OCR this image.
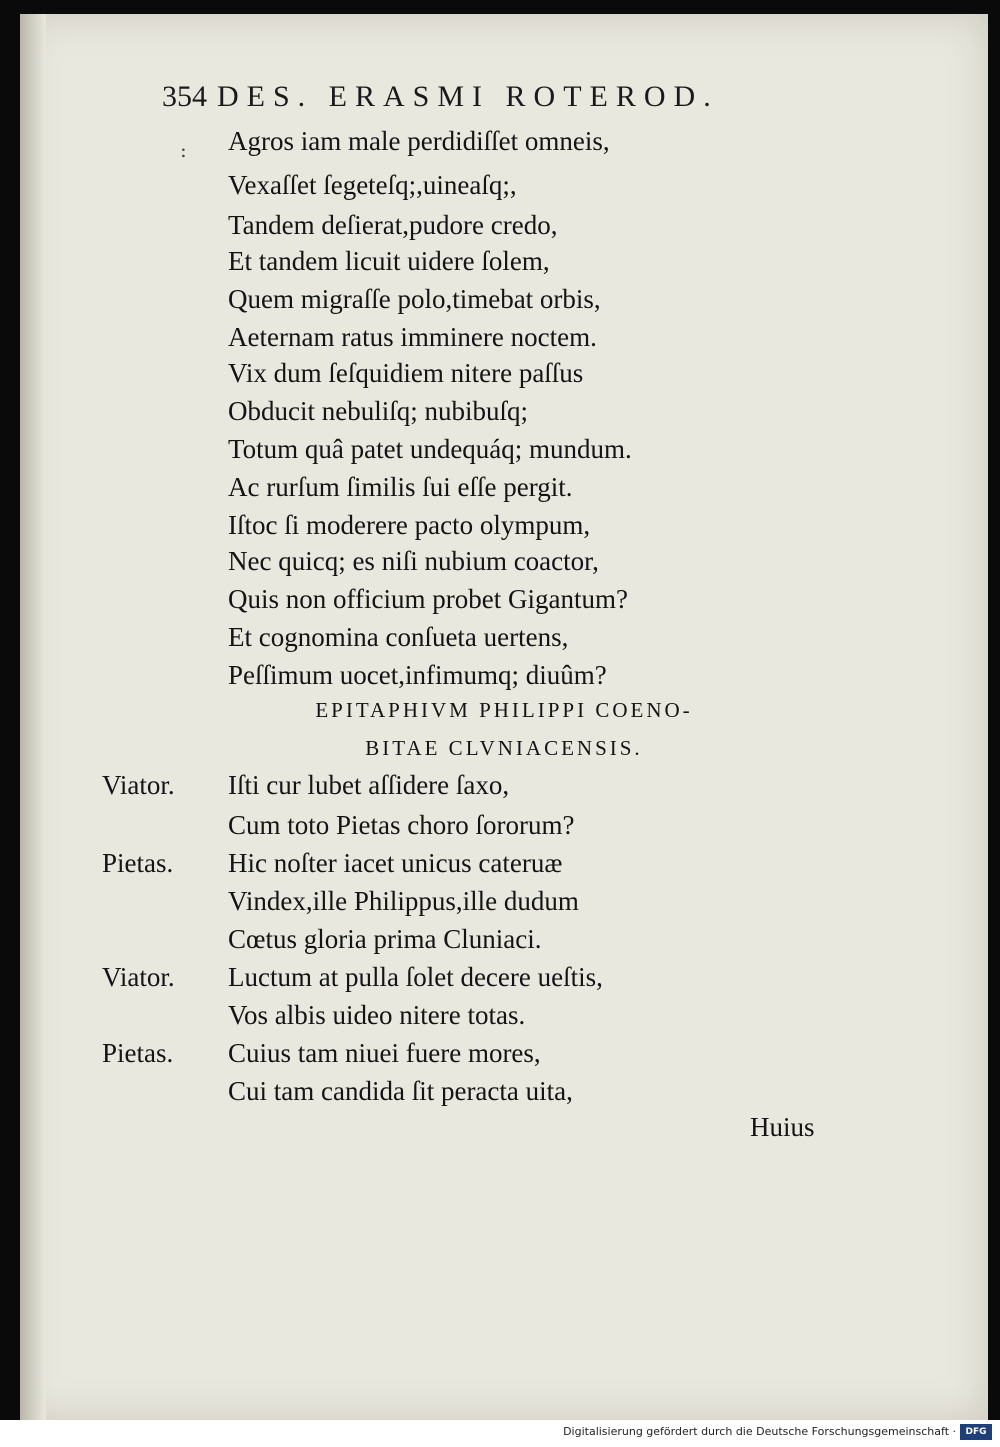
354 DES. ERASMI ROTEROD.
: Agros iam male perdidiſſet omneis,
Vexaſſet ſegeteſq;,uineaſq;,
Tandem deſierat,pudore credo,
Et tandem licuit uidere ſolem,
Quem migraſſe polo,timebat orbis,
Aeternam ratus imminere noctem.
Vix dum ſeſquidiem nitere paſſus
Obducit nebuliſq; nubibuſq;
Totum quâ patet undequáq; mundum.
Ac rurſum ſimilis ſui eſſe pergit.
Iſtoc ſi moderere pacto olympum,
Nec quicq; es niſi nubium coactor,
Quis non officium probet Gigantum?
Et cognomina conſueta uertens,
Peſſimum uocet,infimumq; diuûm?
EPITAPHIVM PHILIPPI COENO-
BITAE CLVNIACENSIS.
Viator. Iſti cur lubet aſſidere ſaxo,
Cum toto Pietas choro ſororum?
Pietas. Hic noſter iacet unicus cateruæ
Vindex,ille Philippus,ille dudum
Cœtus gloria prima Cluniaci.
Viator. Luctum at pulla ſolet decere ueſtis,
Vos albis uideo nitere totas.
Pietas. Cuius tam niuei fuere mores,
Cui tam candida ſit peracta uita,
Huius
Digitalisierung gefördert durch die Deutsche Forschungsgemeinschaft ·	DFG
